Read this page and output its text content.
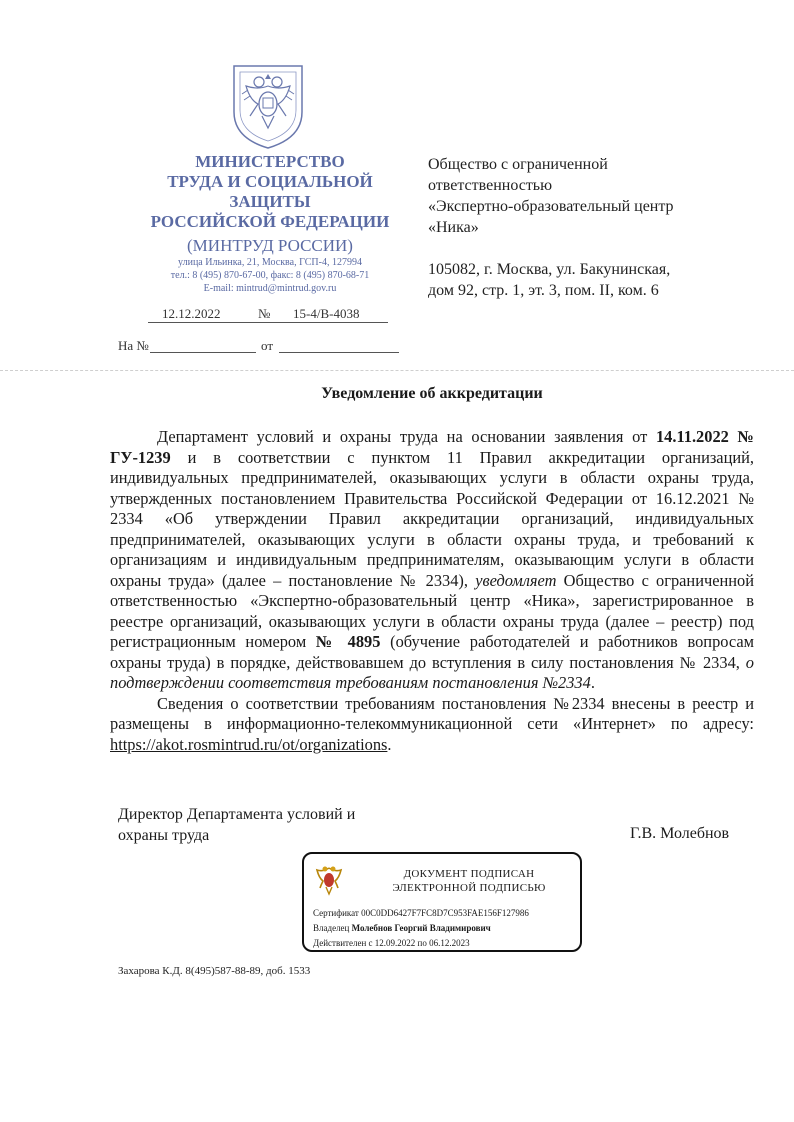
МИНИСТЕРСТВО
ТРУДА И СОЦИАЛЬНОЙ
ЗАЩИТЫ
РОССИЙСКОЙ ФЕДЕРАЦИИ
(МИНТРУД РОССИИ)
улица Ильинка, 21, Москва, ГСП-4, 127994
тел.: 8 (495) 870-67-00, факс: 8 (495) 870-68-71
E-mail: mintrud@mintrud.gov.ru
12.12.2022	№ 15-4/В-4038
На №	от
Общество с ограниченной
ответственностью
«Экспертно-образовательный центр
«Ника»
105082, г. Москва, ул. Бакунинская,
дом 92, стр. 1, эт. 3, пом. II, ком. 6
Уведомление об аккредитации

Департамент условий и охраны труда на основании заявления от 14.11.2022 № ГУ-1239 и в соответствии с пунктом 11 Правил аккредитации организаций, индивидуальных предпринимателей, оказывающих услуги в области охраны труда, утвержденных постановлением Правительства Российской Федерации от 16.12.2021 № 2334 «Об утверждении Правил аккредитации организаций, индивидуальных предпринимателей, оказывающих услуги в области охраны труда, и требований к организациям и индивидуальным предпринимателям, оказывающим услуги в области охраны труда» (далее – постановление № 2334), уведомляет Общество с ограниченной ответственностью «Экспертно-образовательный центр «Ника», зарегистрированное в реестре организаций, оказывающих услуги в области охраны труда (далее – реестр) под регистрационным номером № 4895 (обучение работодателей и работников вопросам охраны труда) в порядке, действовавшем до вступления в силу постановления № 2334, о подтверждении соответствия требованиям постановления №2334.

Сведения о соответствии требованиям постановления №2334 внесены в реестр и размещены в информационно-телекоммуникационной сети «Интернет» по адресу: https://akot.rosmintrud.ru/ot/organizations.

Директор Департамента условий и
охраны труда	Г.В. Молебнов
ДОКУМЕНТ ПОДПИСАН
ЭЛЕКТРОННОЙ ПОДПИСЬЮ
Сертификат 00C0DD6427F7FC8D7C953FAE156F127986
Владелец Молебнов Георгий Владимирович
Действителен с 12.09.2022 по 06.12.2023
Захарова К.Д. 8(495)587-88-89, доб. 1533
